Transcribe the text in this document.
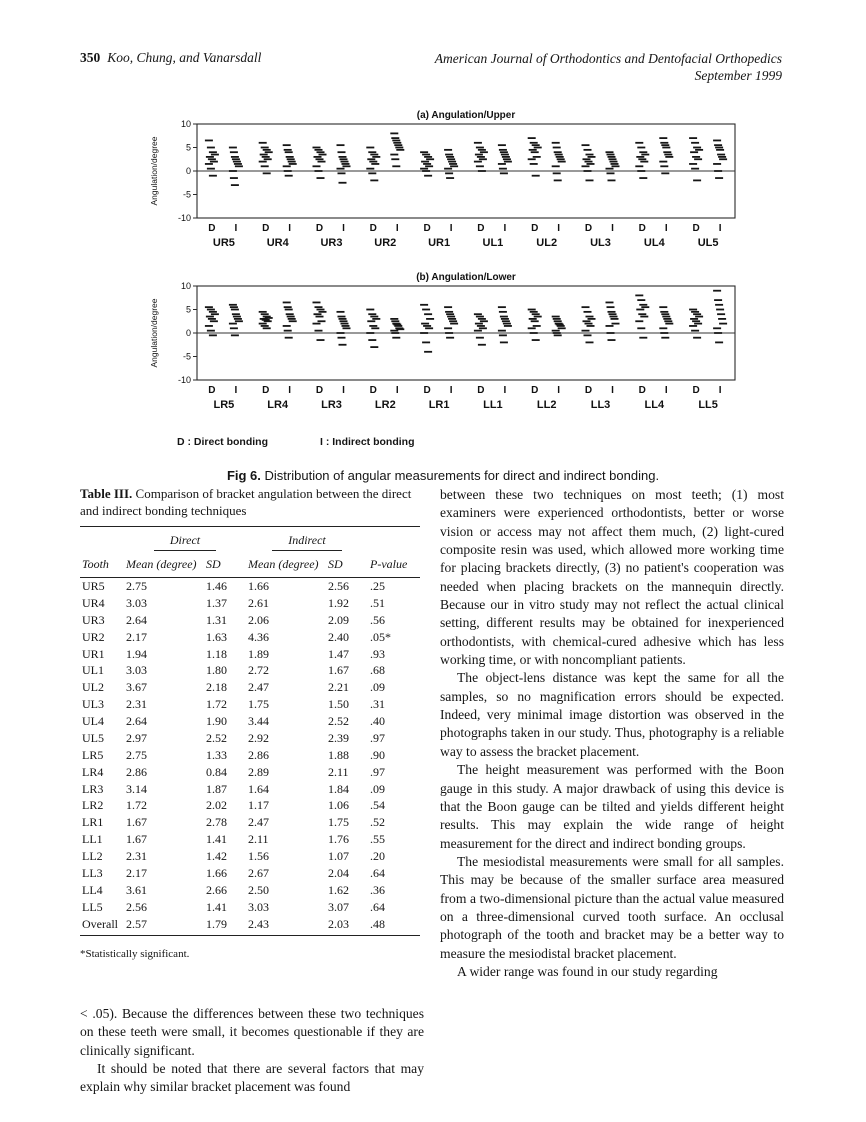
350 Koo, Chung, and Vanarsdall	American Journal of Orthodontics and Dentofacial Orthopedics
September 1999
(a) Angulation/Upper
Angulation/degree
10
5
0
-5
-10
D I
UR5
D I
UR4
D I
UR3
D I
UR2
D I
UR1
D I
UL1
D I
UL2
D I
UL3
D I
UL4
D I
UL5
(b) Angulation/Lower
Angulation/degree
10
5
0
-5
-10
D I
LR5
D I
LR4
D I
LR3
D I
LR2
D I
LR1
D I
LL1
D I
LL2
D I
LL3
D I
LL4
D I
LL5
D : Direct bonding	I : Indirect bonding
Fig 6. Distribution of angular measurements for direct and indirect bonding.
Table III. Comparison of bracket angulation between the direct and indirect bonding techniques
	Direct		Indirect		
Tooth	Mean (degree)	SD	Mean (degree)	SD	P-value
UR5	2.75	1.46	1.66	2.56	.25
UR4	3.03	1.37	2.61	1.92	.51
UR3	2.64	1.31	2.06	2.09	.56
UR2	2.17	1.63	4.36	2.40	.05*
UR1	1.94	1.18	1.89	1.47	.93
UL1	3.03	1.80	2.72	1.67	.68
UL2	3.67	2.18	2.47	2.21	.09
UL3	2.31	1.72	1.75	1.50	.31
UL4	2.64	1.90	3.44	2.52	.40
UL5	2.97	2.52	2.92	2.39	.97
LR5	2.75	1.33	2.86	1.88	.90
LR4	2.86	0.84	2.89	2.11	.97
LR3	3.14	1.87	1.64	1.84	.09
LR2	1.72	2.02	1.17	1.06	.54
LR1	1.67	2.78	2.47	1.75	.52
LL1	1.67	1.41	2.11	1.76	.55
LL2	2.31	1.42	1.56	1.07	.20
LL3	2.17	1.66	2.67	2.04	.64
LL4	3.61	2.66	2.50	1.62	.36
LL5	2.56	1.41	3.03	3.07	.64
Overall	2.57	1.79	2.43	2.03	.48
*Statistically significant.

< .05). Because the differences between these two techniques on these teeth were small, it becomes questionable if they are clinically significant.

It should be noted that there are several factors that may explain why similar bracket placement was found

between these two techniques on most teeth; (1) most examiners were experienced orthodontists, better or worse vision or access may not affect them much, (2) light-cured composite resin was used, which allowed more working time for placing brackets directly, (3) no patient's cooperation was needed when placing brackets on the mannequin directly. Because our in vitro study may not reflect the actual clinical setting, different results may be obtained for inexperienced orthodontists, with chemical-cured adhesive which has less working time, or with noncompliant patients.

The object-lens distance was kept the same for all the samples, so no magnification errors should be expected. Indeed, very minimal image distortion was observed in the photographs taken in our study. Thus, photography is a reliable way to assess the bracket placement.

The height measurement was performed with the Boon gauge in this study. A major drawback of using this device is that the Boon gauge can be tilted and yields different height results. This may explain the wide range of height measurement for the direct and indirect bonding groups.

The mesiodistal measurements were small for all samples. This may be because of the smaller surface area measured from a two-dimensional picture than the actual value measured on a three-dimensional curved tooth surface. An occlusal photograph of the tooth and bracket may be a better way to measure the mesiodistal bracket placement.

A wider range was found in our study regarding
